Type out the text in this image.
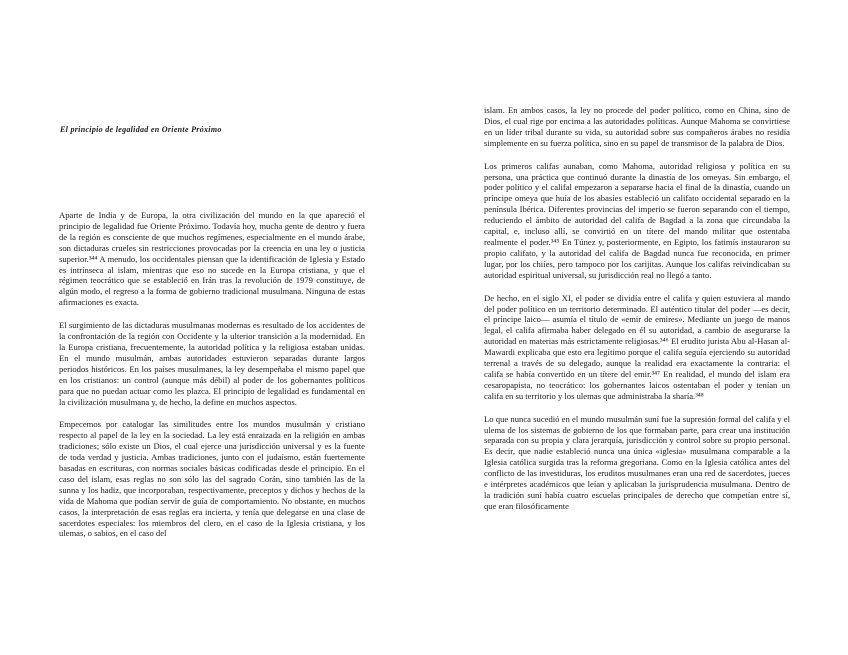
El principio de legalidad en Oriente Próximo

Aparte de India y de Europa, la otra civilización del mundo en la que apareció el principio de legalidad fue Oriente Próximo. Todavía hoy, mucha gente de dentro y fuera de la región es consciente de que muchos regímenes, especialmente en el mundo árabe, son dictaduras crueles sin restricciones provocadas por la creencia en una ley o justicia superior.³⁴⁴ A menudo, los occidentales piensan que la identificación de Iglesia y Estado es intrínseca al islam, mientras que eso no sucede en la Europa cristiana, y que el régimen teocrático que se estableció en Irán tras la revolución de 1979 constituye, de algún modo, el regreso a la forma de gobierno tradicional musulmana. Ninguna de estas afirmaciones es exacta.

El surgimiento de las dictaduras musulmanas modernas es resultado de los accidentes de la confrontación de la región con Occidente y la ulterior transición a la modernidad. En la Europa cristiana, frecuentemente, la autoridad política y la religiosa estaban unidas. En el mundo musulmán, ambas autoridades estuvieron separadas durante largos periodos históricos. En los países musulmanes, la ley desempeñaba el mismo papel que en los cristianos: un control (aunque más débil) al poder de los gobernantes políticos para que no puedan actuar como les plazca. El principio de legalidad es fundamental en la civilización musulmana y, de hecho, la define en muchos aspectos.

Empecemos por catalogar las similitudes entre los mundos musulmán y cristiano respecto al papel de la ley en la sociedad. La ley está enraizada en la religión en ambas tradiciones; sólo existe un Dios, el cual ejerce una jurisdicción universal y es la fuente de toda verdad y justicia. Ambas tradiciones, junto con el judaísmo, están fuertemente basadas en escrituras, con normas sociales básicas codificadas desde el principio. En el caso del islam, esas reglas no son sólo las del sagrado Corán, sino también las de la sunna y los hadiz, que incorporaban, respectivamente, preceptos y dichos y hechos de la vida de Mahoma que podían servir de guía de comportamiento. No obstante, en muchos casos, la interpretación de esas reglas era incierta, y tenía que delegarse en una clase de sacerdotes especiales: los miembros del clero, en el caso de la Iglesia cristiana, y los ulemas, o sabios, en el caso del

islam. En ambos casos, la ley no procede del poder político, como en China, sino de Dios, el cual rige por encima a las autoridades políticas. Aunque Mahoma se convirtiese en un líder tribal durante su vida, su autoridad sobre sus compañeros árabes no residía simplemente en su fuerza política, sino en su papel de transmisor de la palabra de Dios.

Los primeros califas aunaban, como Mahoma, autoridad religiosa y política en su persona, una práctica que continuó durante la dinastía de los omeyas. Sin embargo, el poder político y el califal empezaron a separarse hacia el final de la dinastía, cuando un príncipe omeya que huía de los abasíes estableció un califato occidental separado en la península Ibérica. Diferentes provincias del imperio se fueron separando con el tiempo, reduciendo el ámbito de autoridad del califa de Bagdad a la zona que circundaba la capital, e, incluso allí, se convirtió en un títere del mando militar que ostentaba realmente el poder.³⁴⁵ En Túnez y, posteriormente, en Egipto, los fatimís instauraron su propio califato, y la autoridad del califa de Bagdad nunca fue reconocida, en primer lugar, por los chiíes, pero tampoco por los carijitas. Aunque los califas reivindicaban su autoridad espiritual universal, su jurisdicción real no llegó a tanto.

De hecho, en el siglo XI, el poder se dividía entre el califa y quien estuviera al mando del poder político en un territorio determinado. El auténtico titular del poder —es decir, el príncipe laico— asumía el título de «emir de emires». Mediante un juego de manos legal, el califa afirmaba haber delegado en él su autoridad, a cambio de asegurarse la autoridad en materias más estrictamente religiosas.³⁴⁶ El erudito jurista Abu al-Hasan al-Mawardi explicaba que esto era legítimo porque el califa seguía ejerciendo su autoridad terrenal a través de su delegado, aunque la realidad era exactamente la contraria: el califa se había convertido en un títere del emir.³⁴⁷ En realidad, el mundo del islam era cesaropapista, no teocrático: los gobernantes laicos ostentaban el poder y tenían un califa en su territorio y los ulemas que administraba la sharía.³⁴⁸

Lo que nunca sucedió en el mundo musulmán suní fue la supresión formal del califa y el ulema de los sistemas de gobierno de los que formaban parte, para crear una institución separada con su propia y clara jerarquía, jurisdicción y control sobre su propio personal. Es decir, que nadie estableció nunca una única «iglesia» musulmana comparable a la Iglesia católica surgida tras la reforma gregoriana. Como en la Iglesia católica antes del conflicto de las investiduras, los eruditos musulmanes eran una red de sacerdotes, jueces e intérpretes académicos que leían y aplicaban la jurisprudencia musulmana. Dentro de la tradición suní había cuatro escuelas principales de derecho que competían entre sí, que eran filosóficamente
